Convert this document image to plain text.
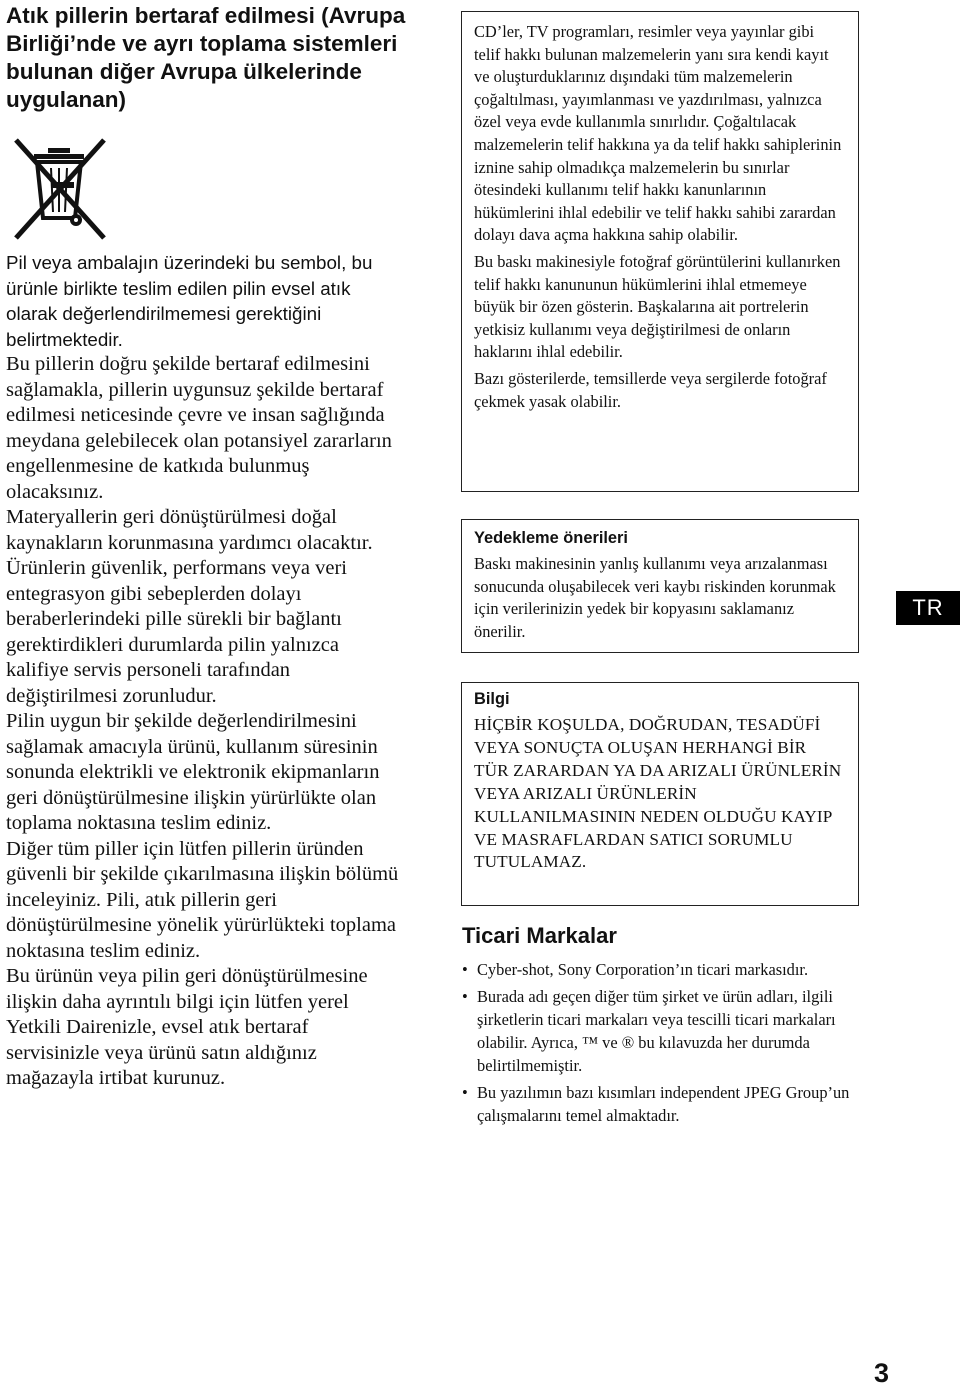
Atık pillerin bertaraf edilmesi (Avrupa Birliği’nde ve ayrı toplama sistemleri bulunan diğer Avrupa ülkelerinde uygulanan)

Pil veya ambalajın üzerindeki bu sembol, bu ürünle birlikte teslim edilen pilin evsel atık olarak değerlendirilmemesi gerektiğini belirtmektedir.

Bu pillerin doğru şekilde bertaraf edilmesini sağlamakla, pillerin uygunsuz şekilde bertaraf edilmesi neticesinde çevre ve insan sağlığında meydana gelebilecek olan potansiyel zararların engellenmesine de katkıda bulunmuş olacaksınız.

Materyallerin geri dönüştürülmesi doğal kaynakların korunmasına yardımcı olacaktır.

Ürünlerin güvenlik, performans veya veri entegrasyon gibi sebeplerden dolayı beraberlerindeki pille sürekli bir bağlantı gerektirdikleri durumlarda pilin yalnızca kalifiye servis personeli tarafından değiştirilmesi zorunludur.

Pilin uygun bir şekilde değerlendirilmesini sağlamak amacıyla ürünü, kullanım süresinin sonunda elektrikli ve elektronik ekipmanların geri dönüştürülmesine ilişkin yürürlükte olan toplama noktasına teslim ediniz.

Diğer tüm piller için lütfen pillerin üründen güvenli bir şekilde çıkarılmasına ilişkin bölümü inceleyiniz. Pili, atık pillerin geri dönüştürülmesine yönelik yürürlükteki toplama noktasına teslim ediniz.

Bu ürünün veya pilin geri dönüştürülmesine ilişkin daha ayrıntılı bilgi için lütfen yerel Yetkili Dairenizle, evsel atık bertaraf servisinizle veya ürünü satın aldığınız mağazayla irtibat kurunuz.

CD’ler, TV programları, resimler veya yayınlar gibi telif hakkı bulunan malzemelerin yanı sıra kendi kayıt ve oluşturduklarınız dışındaki tüm malzemelerin çoğaltılması, yayımlanması ve yazdırılması, yalnızca özel veya evde kullanımla sınırlıdır. Çoğaltılacak malzemelerin telif hakkına ya da telif hakkı sahiplerinin iznine sahip olmadıkça malzemelerin bu sınırlar ötesindeki kullanımı telif hakkı kanunlarının hükümlerini ihlal edebilir ve telif hakkı sahibi zarardan dolayı dava açma hakkına sahip olabilir.

Bu baskı makinesiyle fotoğraf görüntülerini kullanırken telif hakkı kanununun hükümlerini ihlal etmemeye büyük bir özen gösterin. Başkalarına ait portrelerin yetkisiz kullanımı veya değiştirilmesi de onların haklarını ihlal edebilir.

Bazı gösterilerde, temsillerde veya sergilerde fotoğraf çekmek yasak olabilir.

Yedekleme önerileri

Baskı makinesinin yanlış kullanımı veya arızalanması sonucunda oluşabilecek veri kaybı riskinden korunmak için verilerinizin yedek bir kopyasını saklamanız önerilir.

Bilgi

HİÇBİR KOŞULDA, DOĞRUDAN, TESADÜFİ VEYA SONUÇTA OLUŞAN HERHANGİ BİR TÜR ZARARDAN YA DA ARIZALI ÜRÜNLERİN VEYA ARIZALI ÜRÜNLERİN KULLANILMASININ NEDEN OLDUĞU KAYIP VE MASRAFLARDAN SATICI SORUMLU TUTULAMAZ.

Ticari Markalar
• Cyber-shot, Sony Corporation’ın ticari markasıdır.
• Burada adı geçen diğer tüm şirket ve ürün adları, ilgili şirketlerin ticari markaları veya tescilli ticari markaları olabilir. Ayrıca, ™ ve ® bu kılavuzda her durumda belirtilmemiştir.
• Bu yazılımın bazı kısımları independent JPEG Group’un çalışmalarını temel almaktadır.
TR
3
